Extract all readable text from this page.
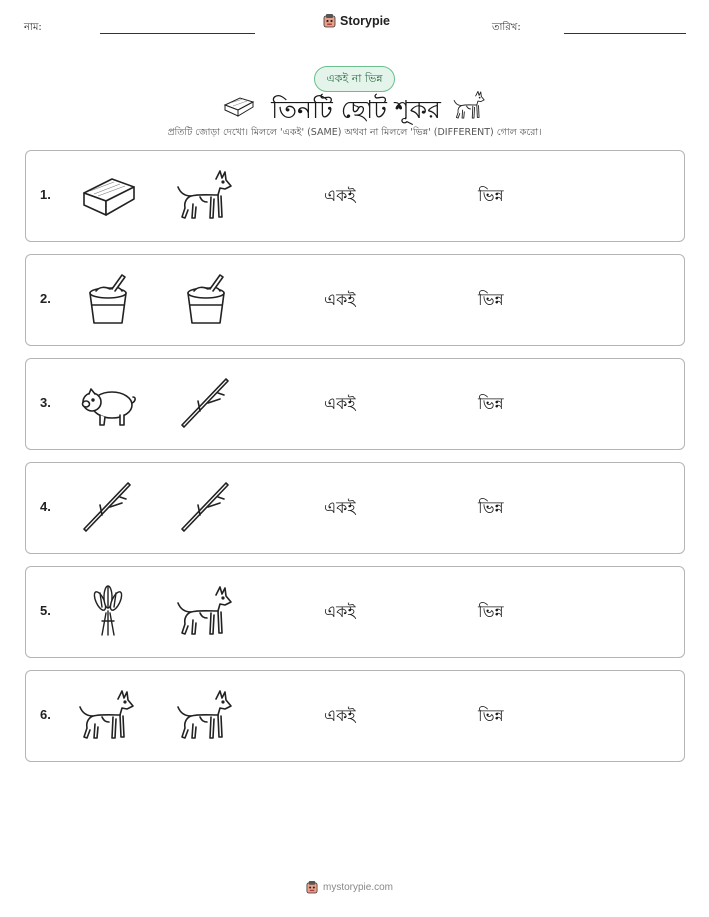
নাম:	Storypie	তারিখ:
একই না ভিন্ন
তিনটি ছোট শূকর
প্রতিটি জোড়া দেখো। মিললে 'একই' (SAME) অথবা না মিললে 'ভিন্ন' (DIFFERENT) গোল করো।
1.	একই	ভিন্ন
2.	একই	ভিন্ন
3.	একই	ভিন্ন
4.	একই	ভিন্ন
5.	একই	ভিন্ন
6.	একই	ভিন্ন
mystorypie.com
